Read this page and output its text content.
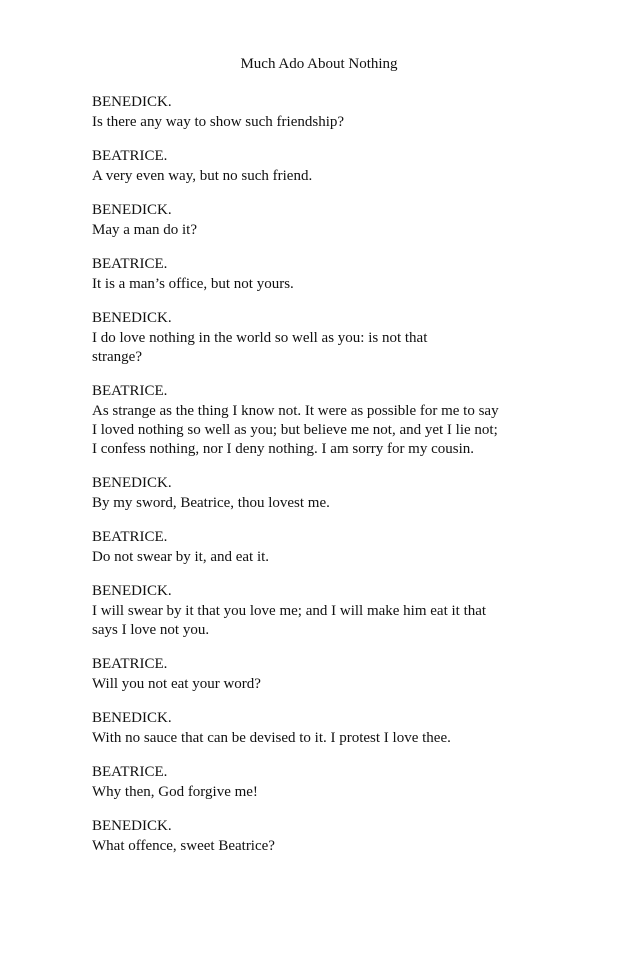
Much Ado About Nothing
BENEDICK.
Is there any way to show such friendship?
BEATRICE.
A very even way, but no such friend.
BENEDICK.
May a man do it?
BEATRICE.
It is a man’s office, but not yours.
BENEDICK.
I do love nothing in the world so well as you: is not that
strange?
BEATRICE.
As strange as the thing I know not. It were as possible for me to say
I loved nothing so well as you; but believe me not, and yet I lie not;
I confess nothing, nor I deny nothing. I am sorry for my cousin.
BENEDICK.
By my sword, Beatrice, thou lovest me.
BEATRICE.
Do not swear by it, and eat it.
BENEDICK.
I will swear by it that you love me; and I will make him eat it that
says I love not you.
BEATRICE.
Will you not eat your word?
BENEDICK.
With no sauce that can be devised to it. I protest I love thee.
BEATRICE.
Why then, God forgive me!
BENEDICK.
What offence, sweet Beatrice?
